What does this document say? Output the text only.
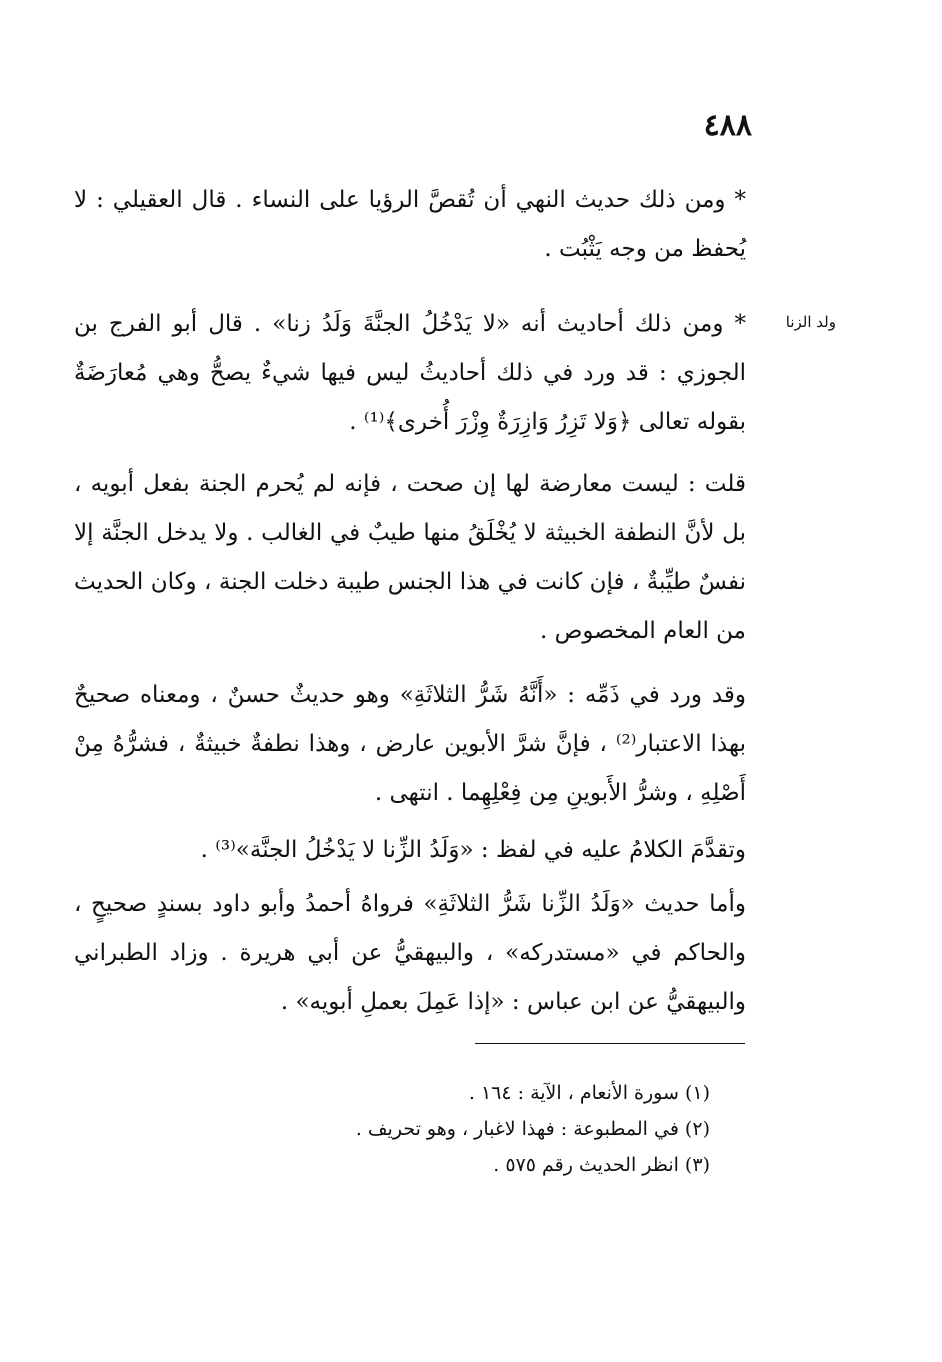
٤٨٨

* ومن ذلك حديث النهي أن تُقصَّ الرؤيا على النساء . قال العقيلي : لا يُحفظ من وجه يَثْبُت .

ولد الزنا

* ومن ذلك أحاديث أنه «لا يَدْخُلُ الجنَّةَ وَلَدُ زنا» . قال أبو الفرج بن الجوزي : قد ورد في ذلك أحاديثُ ليس فيها شيءٌ يصحُّ وهي مُعارَضَةٌ بقوله تعالى ﴿وَلا تَزِرُ وَازِرَةٌ وِزْرَ أُخرى﴾⁽¹⁾ .

قلت : ليست معارضة لها إن صحت ، فإنه لم يُحرم الجنة بفعل أبويه ، بل لأنَّ النطفة الخبيثة لا يُخْلَقُ منها طيبٌ في الغالب . ولا يدخل الجنَّة إلا نفسٌ طيِّبةٌ ، فإن كانت في هذا الجنس طيبة دخلت الجنة ، وكان الحديث من العام المخصوص .

وقد ورد في ذَمِّه : «أَنَّهُ شَرُّ الثلاثَةِ» وهو حديثٌ حسنٌ ، ومعناه صحيحٌ بهذا الاعتبار⁽²⁾ ، فإنَّ شرَّ الأبوين عارض ، وهذا نطفةٌ خبيثةٌ ، فشرُّهُ مِنْ أَصْلِهِ ، وشرُّ الأَبوينِ مِن فِعْلِهِما . انتهى .

وتقدَّمَ الكلامُ عليه في لفظ : «وَلَدُ الزِّنا لا يَدْخُلُ الجنَّة»⁽³⁾ .

وأما حديث «وَلَدُ الزِّنا شَرُّ الثلاثَةِ» فرواهُ أحمدُ وأبو داود بسندٍ صحيحٍ ، والحاكم في «مستدركه» ، والبيهقيُّ عن أبي هريرة . وزاد الطبراني والبيهقيُّ عن ابن عباس : «إذا عَمِلَ بعملِ أبويه» .

(١) سورة الأنعام ، الآية : ١٦٤ .

(٢) في المطبوعة : فهذا لاغبار ، وهو تحريف .

(٣) انظر الحديث رقم ٥٧٥ .
